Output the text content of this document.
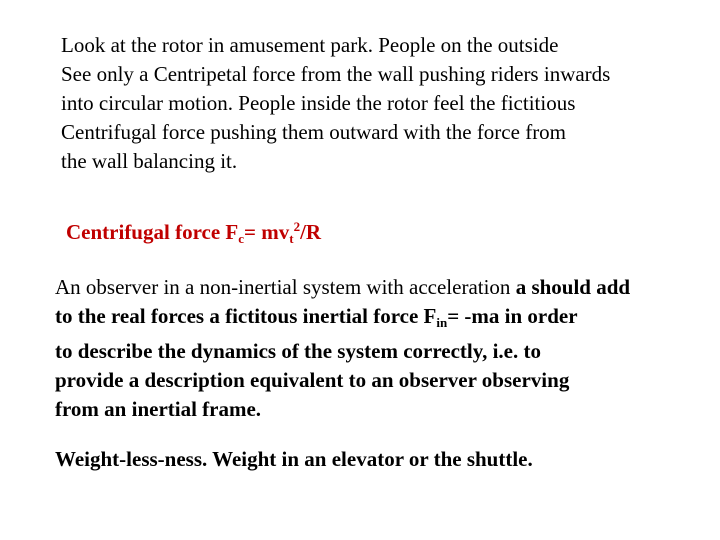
Look at the rotor in amusement park. People on the outside
See only a Centripetal force from the wall pushing riders inwards
into circular motion. People inside the rotor feel the fictitious
Centrifugal force pushing them outward with the force from
the wall balancing it.
Centrifugal force $F_c= mv_t^2/R$
An observer in a non-inertial system with acceleration a should add
to the real forces a fictitous inertial force $F_{in}= -ma$ in order
to describe the dynamics of the system correctly, i.e. to
provide a description equivalent to an observer observing
from an inertial frame.
Weight-less-ness. Weight in an elevator or the shuttle.
